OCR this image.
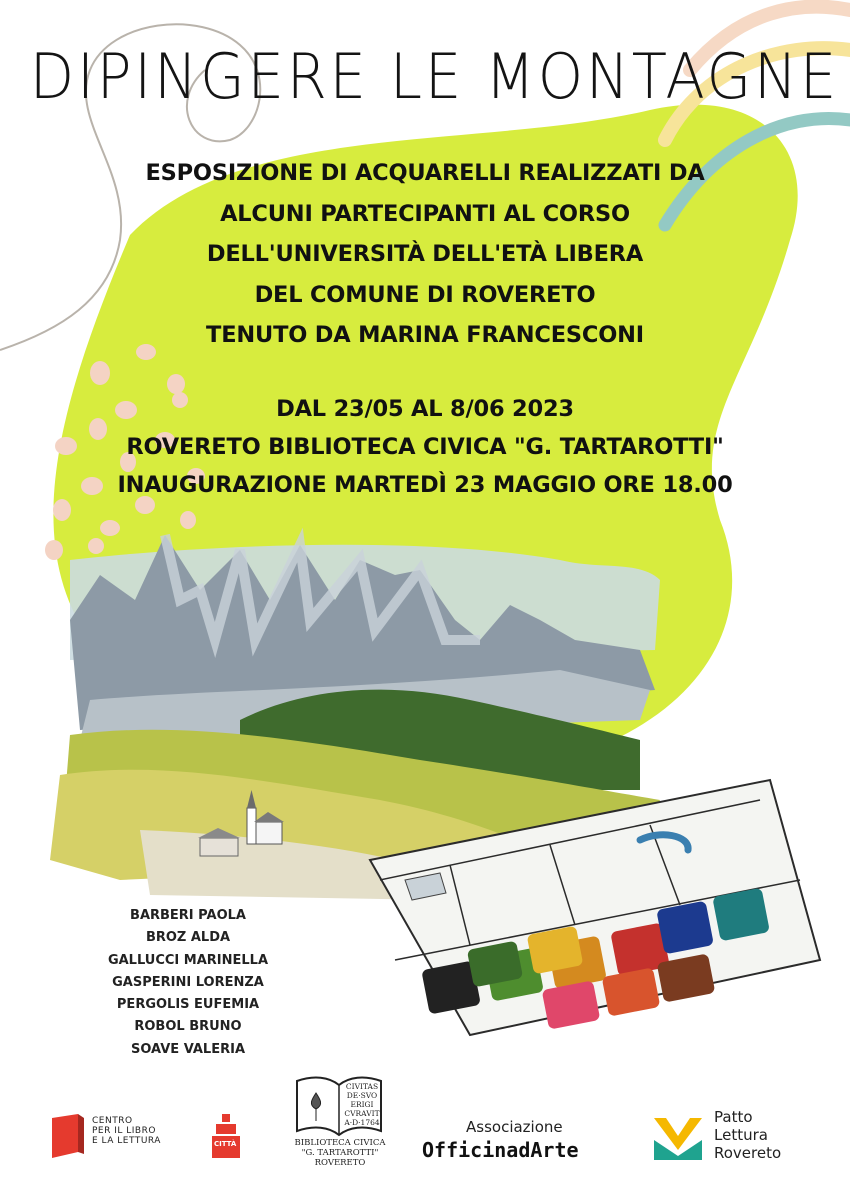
DIPINGERE LE MONTAGNE
ESPOSIZIONE DI ACQUARELLI REALIZZATI DA
ALCUNI PARTECIPANTI AL CORSO
DELL'UNIVERSITÀ DELL'ETÀ LIBERA
DEL COMUNE DI ROVERETO
TENUTO DA MARINA FRANCESCONI
DAL 23/05 AL 8/06 2023
ROVERETO BIBLIOTECA CIVICA "G. TARTAROTTI"
INAUGURAZIONE MARTEDÌ 23 MAGGIO ORE 18.00
BARBERI PAOLA
BROZ ALDA
GALLUCCI MARINELLA
GASPERINI LORENZA
PERGOLIS EUFEMIA
ROBOL BRUNO
SOAVE VALERIA
CENTRO
PER IL LIBRO
E LA LETTURA	CITTÀ
CIVITAS
DE·SVO
ERIGI
CVRAVIT
A·D·1764
BIBLIOTECA CIVICA
"G. TARTAROTTI"
ROVERETO
Associazione
OfficinadArte
Patto
Lettura
Rovereto
